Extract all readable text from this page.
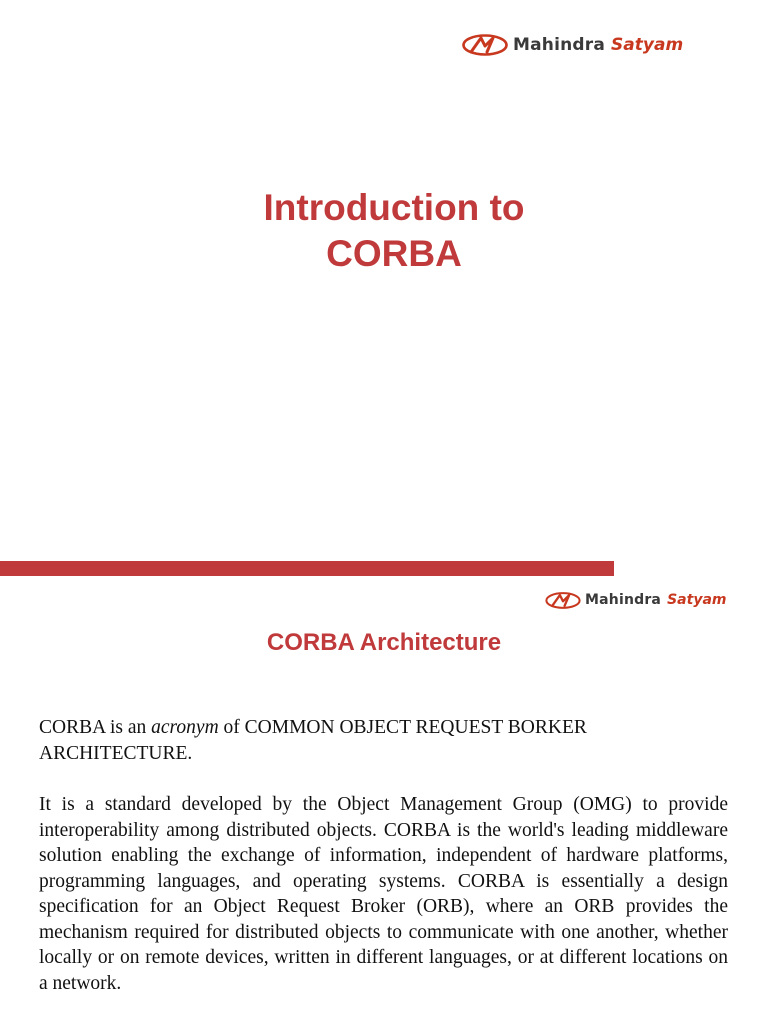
Mahindra Satyam
Introduction to
CORBA
Mahindra Satyam
CORBA Architecture
CORBA is an acronym of COMMON OBJECT REQUEST BORKER ARCHITECTURE.
It is a standard developed by the Object Management Group (OMG) to provide interoperability among distributed objects. CORBA is the world's leading middleware solution enabling the exchange of information, independent of hardware platforms, programming languages, and operating systems. CORBA is essentially a design specification for an Object Request Broker (ORB), where an ORB provides the mechanism required for distributed objects to communicate with one another, whether locally or on remote devices, written in different languages, or at different locations on a network.
